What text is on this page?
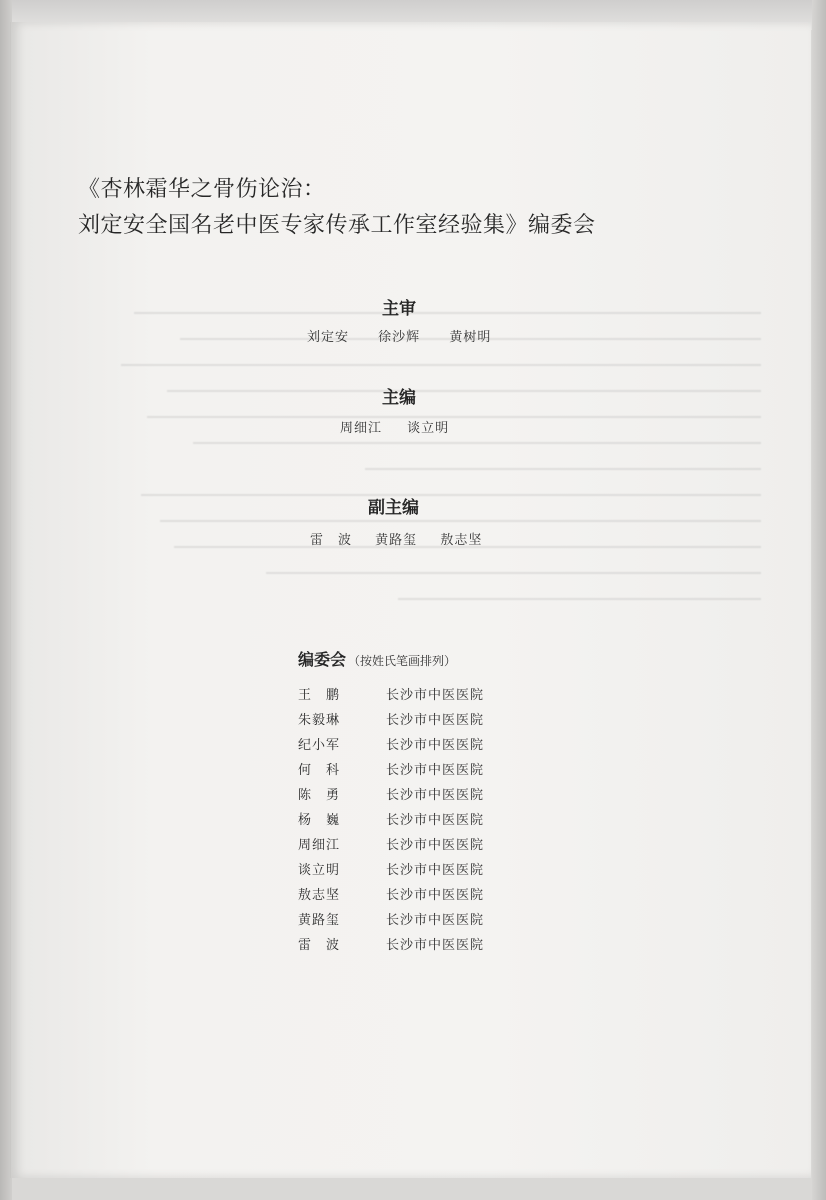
《杏林霜华之骨伤论治：
刘定安全国名老中医专家传承工作室经验集》编委会
主审
刘定安 徐沙辉 黄树明
主编
周细江 谈立明
副主编
雷　波 黄路玺 敖志坚
编委会 （按姓氏笔画排列）
王　鹏	长沙市中医医院
朱毅琳	长沙市中医医院
纪小军	长沙市中医医院
何　科	长沙市中医医院
陈　勇	长沙市中医医院
杨　巍	长沙市中医医院
周细江	长沙市中医医院
谈立明	长沙市中医医院
敖志坚	长沙市中医医院
黄路玺	长沙市中医医院
雷　波	长沙市中医医院
